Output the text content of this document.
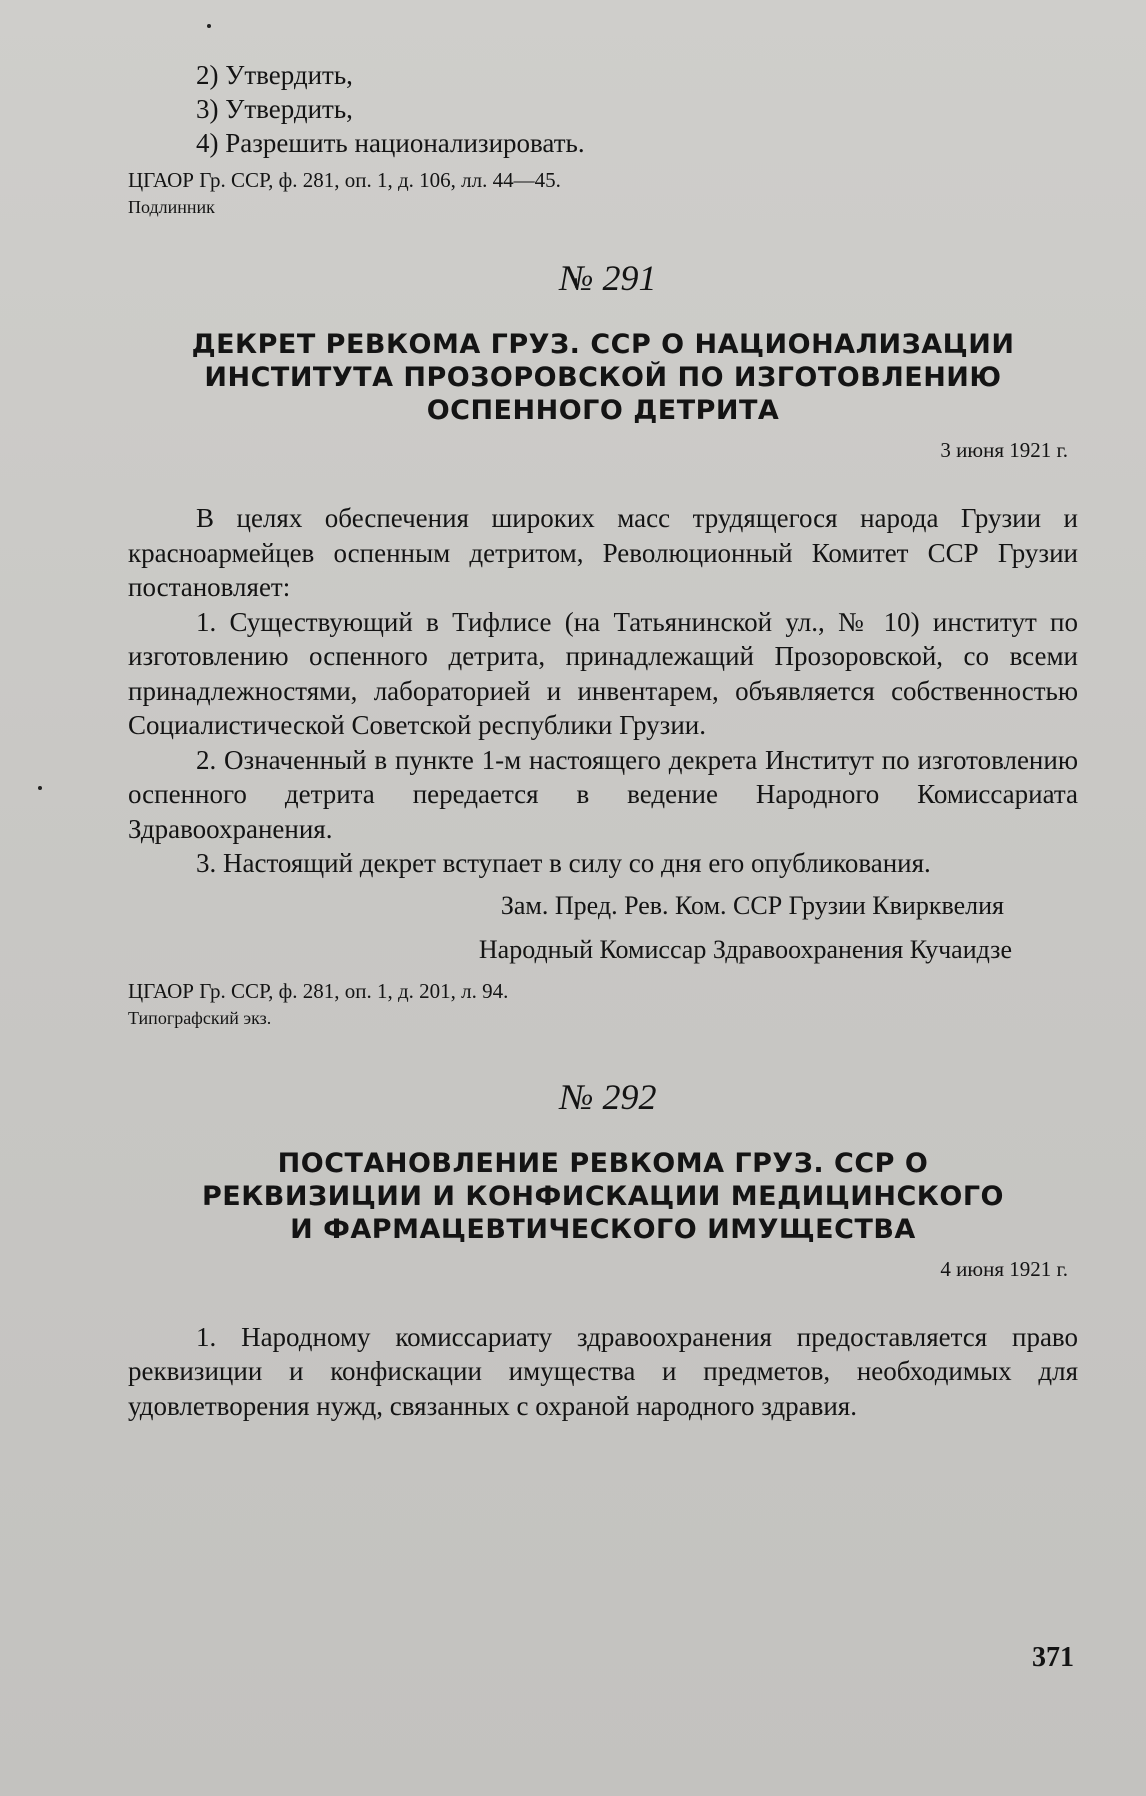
2) Утвердить,
3) Утвердить,
4) Разрешить национализировать.
ЦГАОР Гр. ССР, ф. 281, оп. 1, д. 106, лл. 44—45.
Подлинник
№ 291
ДЕКРЕТ РЕВКОМА ГРУЗ. ССР О НАЦИОНАЛИЗАЦИИ
ИНСТИТУТА ПРОЗОРОВСКОЙ ПО ИЗГОТОВЛЕНИЮ
ОСПЕННОГО ДЕТРИТА
3 июня 1921 г.

В целях обеспечения широких масс трудящегося народа Грузии и красноармейцев оспенным детритом, Революционный Комитет ССР Грузии постановляет:

1. Существующий в Тифлисе (на Татьянинской ул., № 10) институт по изготовлению оспенного детрита, принадлежащий Прозоровской, со всеми принадлежностями, лабораторией и инвентарем, объявляется собственностью Социалистической Советской республики Грузии.

2. Означенный в пункте 1-м настоящего декрета Институт по изготовлению оспенного детрита передается в ведение Народного Комиссариата Здравоохранения.

3. Настоящий декрет вступает в силу со дня его опубликования.

Зам. Пред. Рев. Ком. ССР Грузии Квирквелия
Народный Комиссар Здравоохранения Кучаидзе
ЦГАОР Гр. ССР, ф. 281, оп. 1, д. 201, л. 94.
Типографский экз.
№ 292
ПОСТАНОВЛЕНИЕ РЕВКОМА ГРУЗ. ССР О
РЕКВИЗИЦИИ И КОНФИСКАЦИИ МЕДИЦИНСКОГО
И ФАРМАЦЕВТИЧЕСКОГО ИМУЩЕСТВА
4 июня 1921 г.

1. Народному комиссариату здравоохранения предоставляется право реквизиции и конфискации имущества и предметов, необходимых для удовлетворения нужд, связанных с охраной народного здравия.

371
